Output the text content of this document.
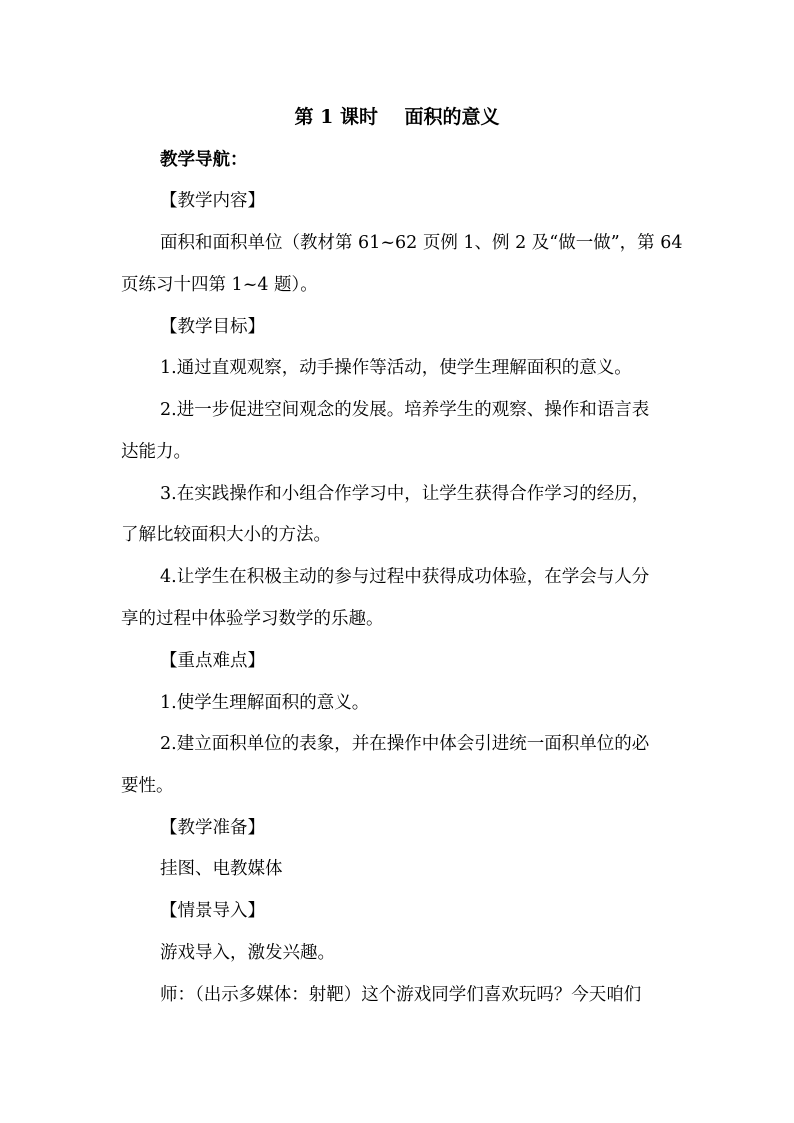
第 1 课时    面积的意义
教学导航：
【教学内容】
面积和面积单位（教材第 61~62 页例 1、例 2 及“做一做”，第 64
页练习十四第 1~4 题）。
【教学目标】
1.通过直观观察，动手操作等活动，使学生理解面积的意义。
2.进一步促进空间观念的发展。培养学生的观察、操作和语言表
达能力。
3.在实践操作和小组合作学习中，让学生获得合作学习的经历，
了解比较面积大小的方法。
4.让学生在积极主动的参与过程中获得成功体验，在学会与人分
享的过程中体验学习数学的乐趣。
【重点难点】
1.使学生理解面积的意义。
2.建立面积单位的表象，并在操作中体会引进统一面积单位的必
要性。
【教学准备】
挂图、电教媒体
【情景导入】
游戏导入，激发兴趣。
师：（出示多媒体：射靶）这个游戏同学们喜欢玩吗？今天咱们
